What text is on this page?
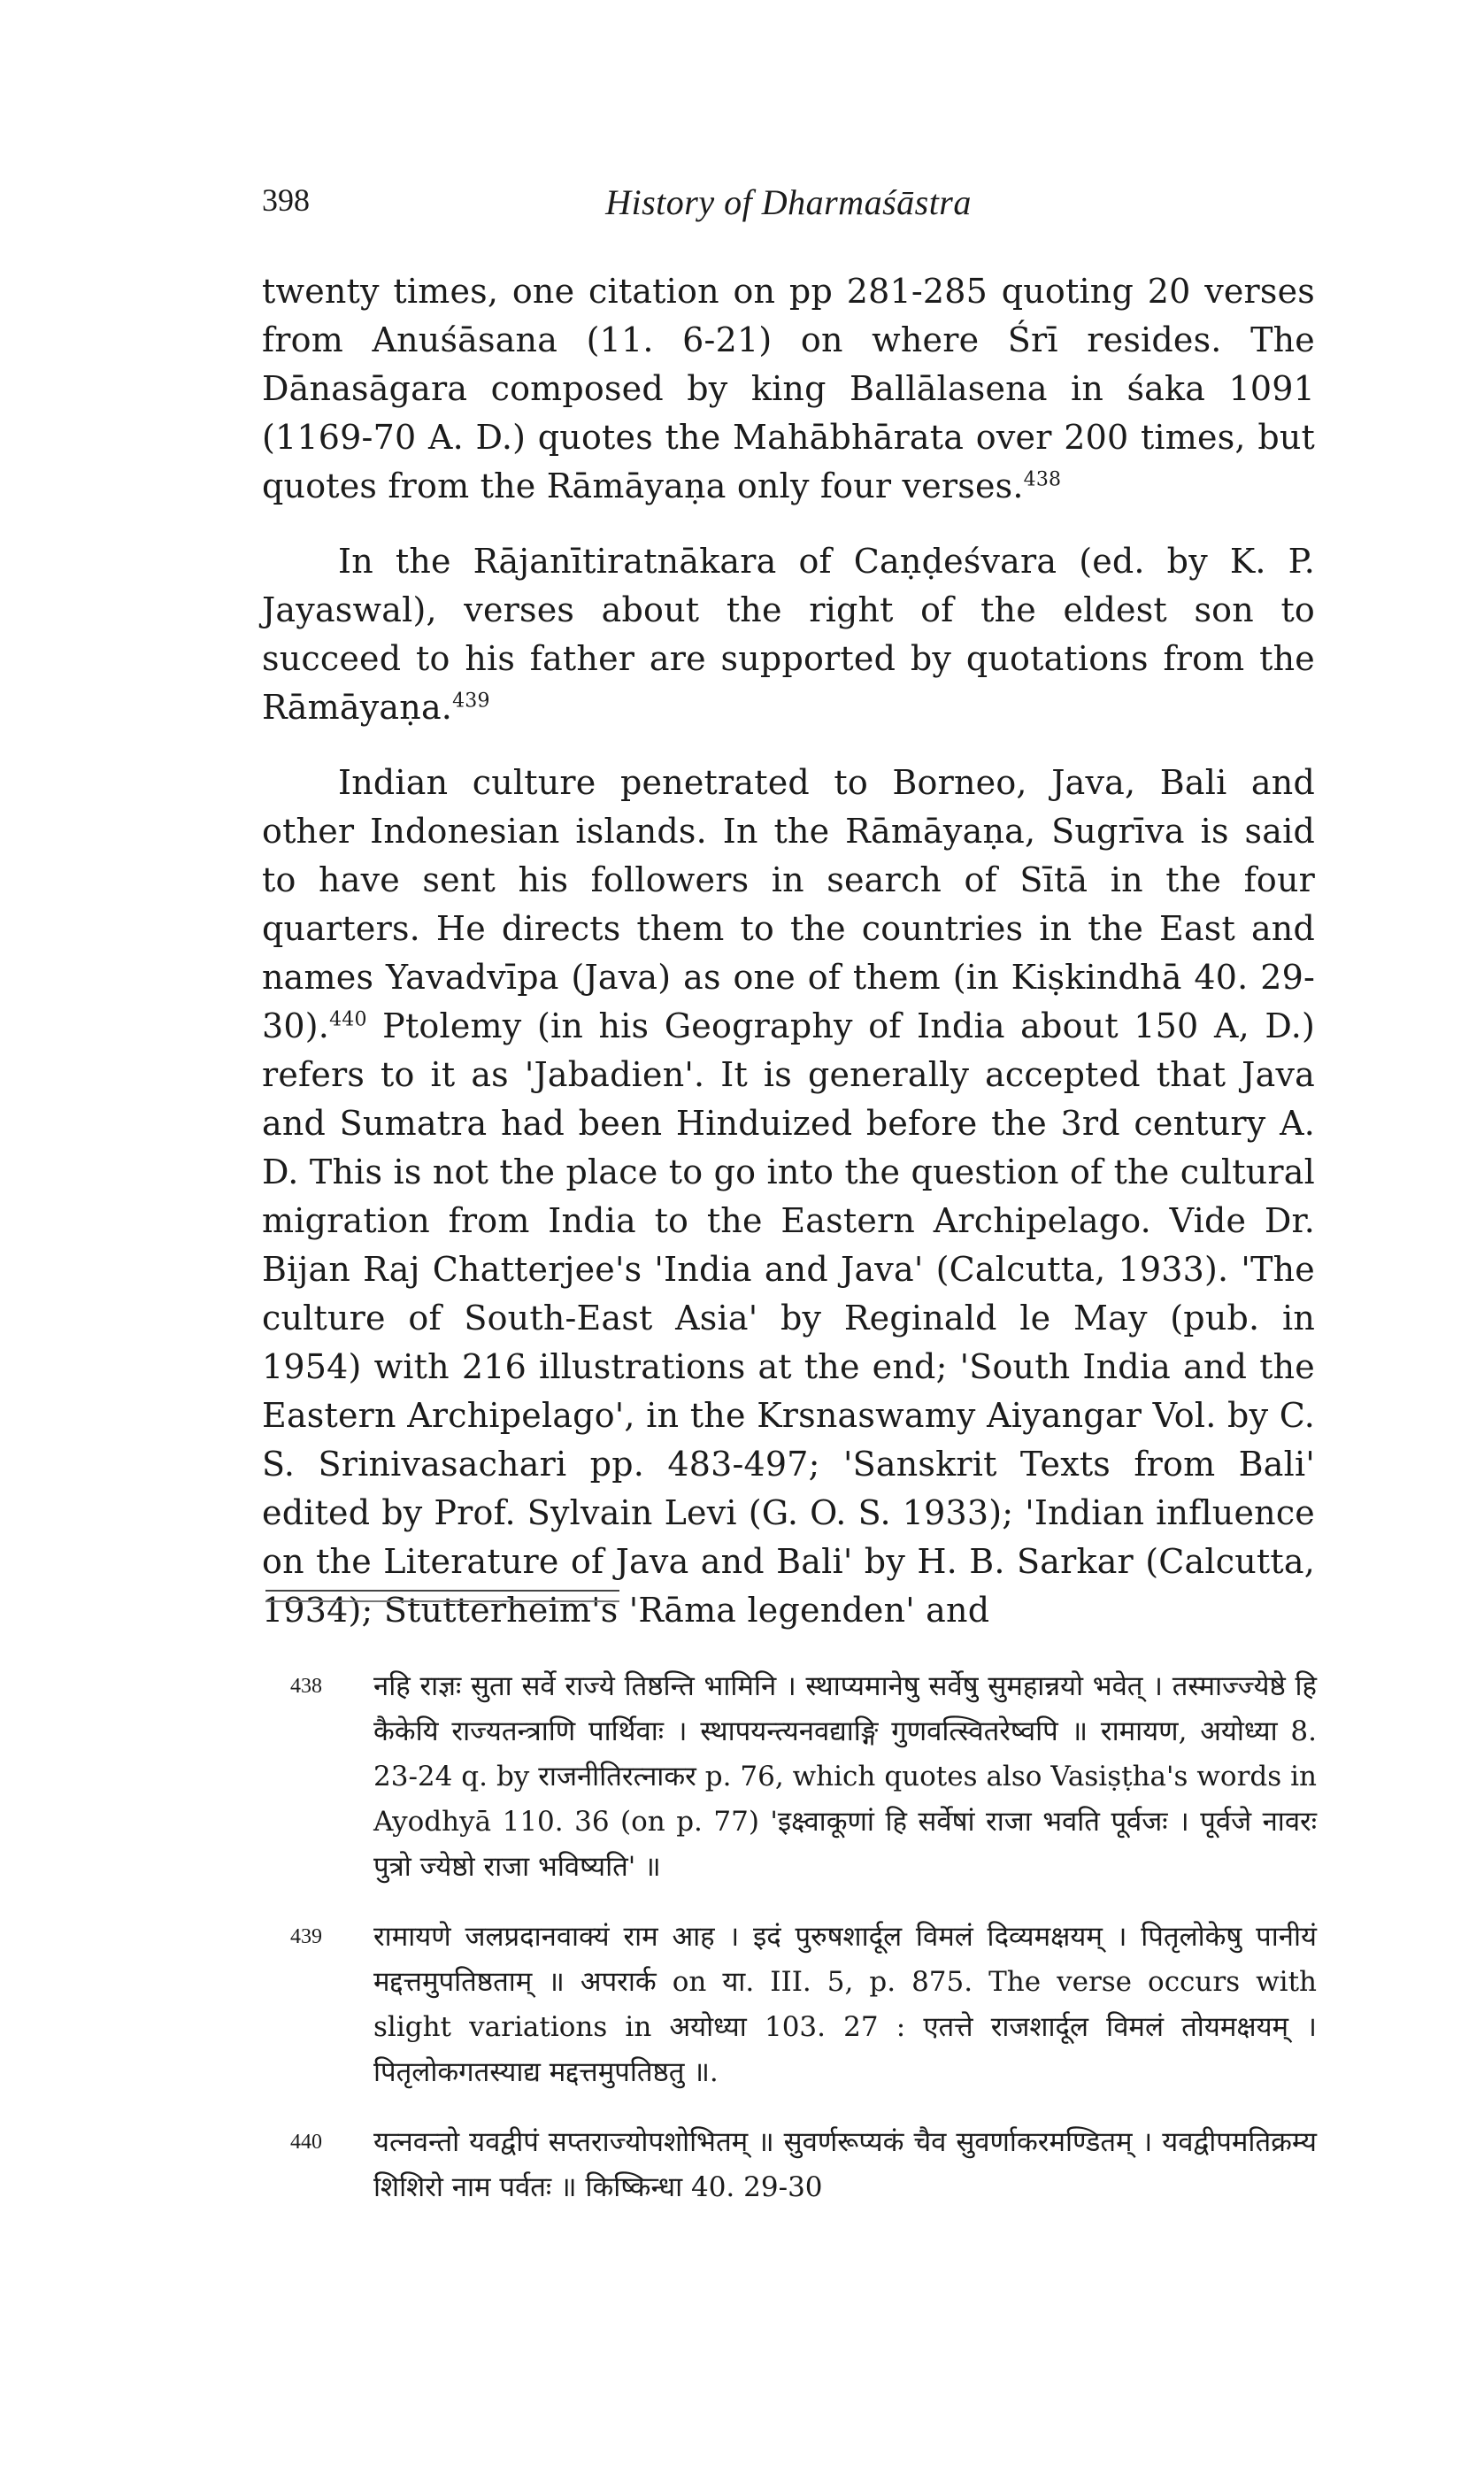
398	History of Dharmaśāstra

twenty times, one citation on pp 281-285 quoting 20 verses from Anuśāsana (11. 6-21) on where Śrī resides. The Dānasāgara composed by king Ballālasena in śaka 1091 (1169-70 A. D.) quotes the Mahābhārata over 200 times, but quotes from the Rāmāyaṇa only four verses.$^{438}$

In the Rājanītiratnākara of Caṇḍeśvara (ed. by K. P. Jayaswal), verses about the right of the eldest son to succeed to his father are supported by quotations from the Rāmāyaṇa.$^{439}$

Indian culture penetrated to Borneo, Java, Bali and other Indonesian islands. In the Rāmāyaṇa, Sugrīva is said to have sent his followers in search of Sītā in the four quarters. He directs them to the countries in the East and names Yavadvīpa (Java) as one of them (in Kiṣkindhā 40. 29-30).$^{440}$ Ptolemy (in his Geography of India about 150 A, D.) refers to it as 'Jabadien'. It is generally accepted that Java and Sumatra had been Hinduized before the 3rd century A. D. This is not the place to go into the question of the cultural migration from India to the Eastern Archipelago. Vide Dr. Bijan Raj Chatterjee's 'India and Java' (Calcutta, 1933). 'The culture of South-East Asia' by Reginald le May (pub. in 1954) with 216 illustrations at the end; 'South India and the Eastern Archipelago', in the Krsnaswamy Aiyangar Vol. by C. S. Srinivasachari pp. 483-497; 'Sanskrit Texts from Bali' edited by Prof. Sylvain Levi (G. O. S. 1933); 'Indian influence on the Literature of Java and Bali' by H. B. Sarkar (Calcutta, 1934); Stutterheim's 'Rāma legenden' and

438 नहि राज्ञः सुता सर्वे राज्ये तिष्ठन्ति भामिनि । स्थाप्यमानेषु सर्वेषु सुमहान्नयो भवेत् । तस्माज्ज्येष्ठे हि कैकेयि राज्यतन्त्राणि पार्थिवाः । स्थापयन्त्यनवद्याङ्गि गुणवत्स्वितरेष्वपि ॥ रामायण, अयोध्या 8. 23-24 q. by राजनीतिरत्नाकर p. 76, which quotes also Vasiṣṭha's words in Ayodhyā 110. 36 (on p. 77) 'इक्ष्वाकूणां हि सर्वेषां राजा भवति पूर्वजः । पूर्वजे नावरः पुत्रो ज्येष्ठो राजा भविष्यति' ॥
439 रामायणे जलप्रदानवाक्यं राम आह । इदं पुरुषशार्दूल विमलं दिव्यमक्षयम् । पितृलोकेषु पानीयं मद्दत्तमुपतिष्ठताम् ॥ अपरार्क on या. III. 5, p. 875. The verse occurs with slight variations in अयोध्या 103. 27 : एतत्ते राजशार्दूल विमलं तोयमक्षयम् । पितृलोकगतस्याद्य मद्दत्तमुपतिष्ठतु ॥.
440 यत्नवन्तो यवद्वीपं सप्तराज्योपशोभितम् ॥ सुवर्णरूप्यकं चैव सुवर्णाकरमण्डितम् । यवद्वीपमतिक्रम्य शिशिरो नाम पर्वतः ॥ किष्किन्धा 40. 29-30
